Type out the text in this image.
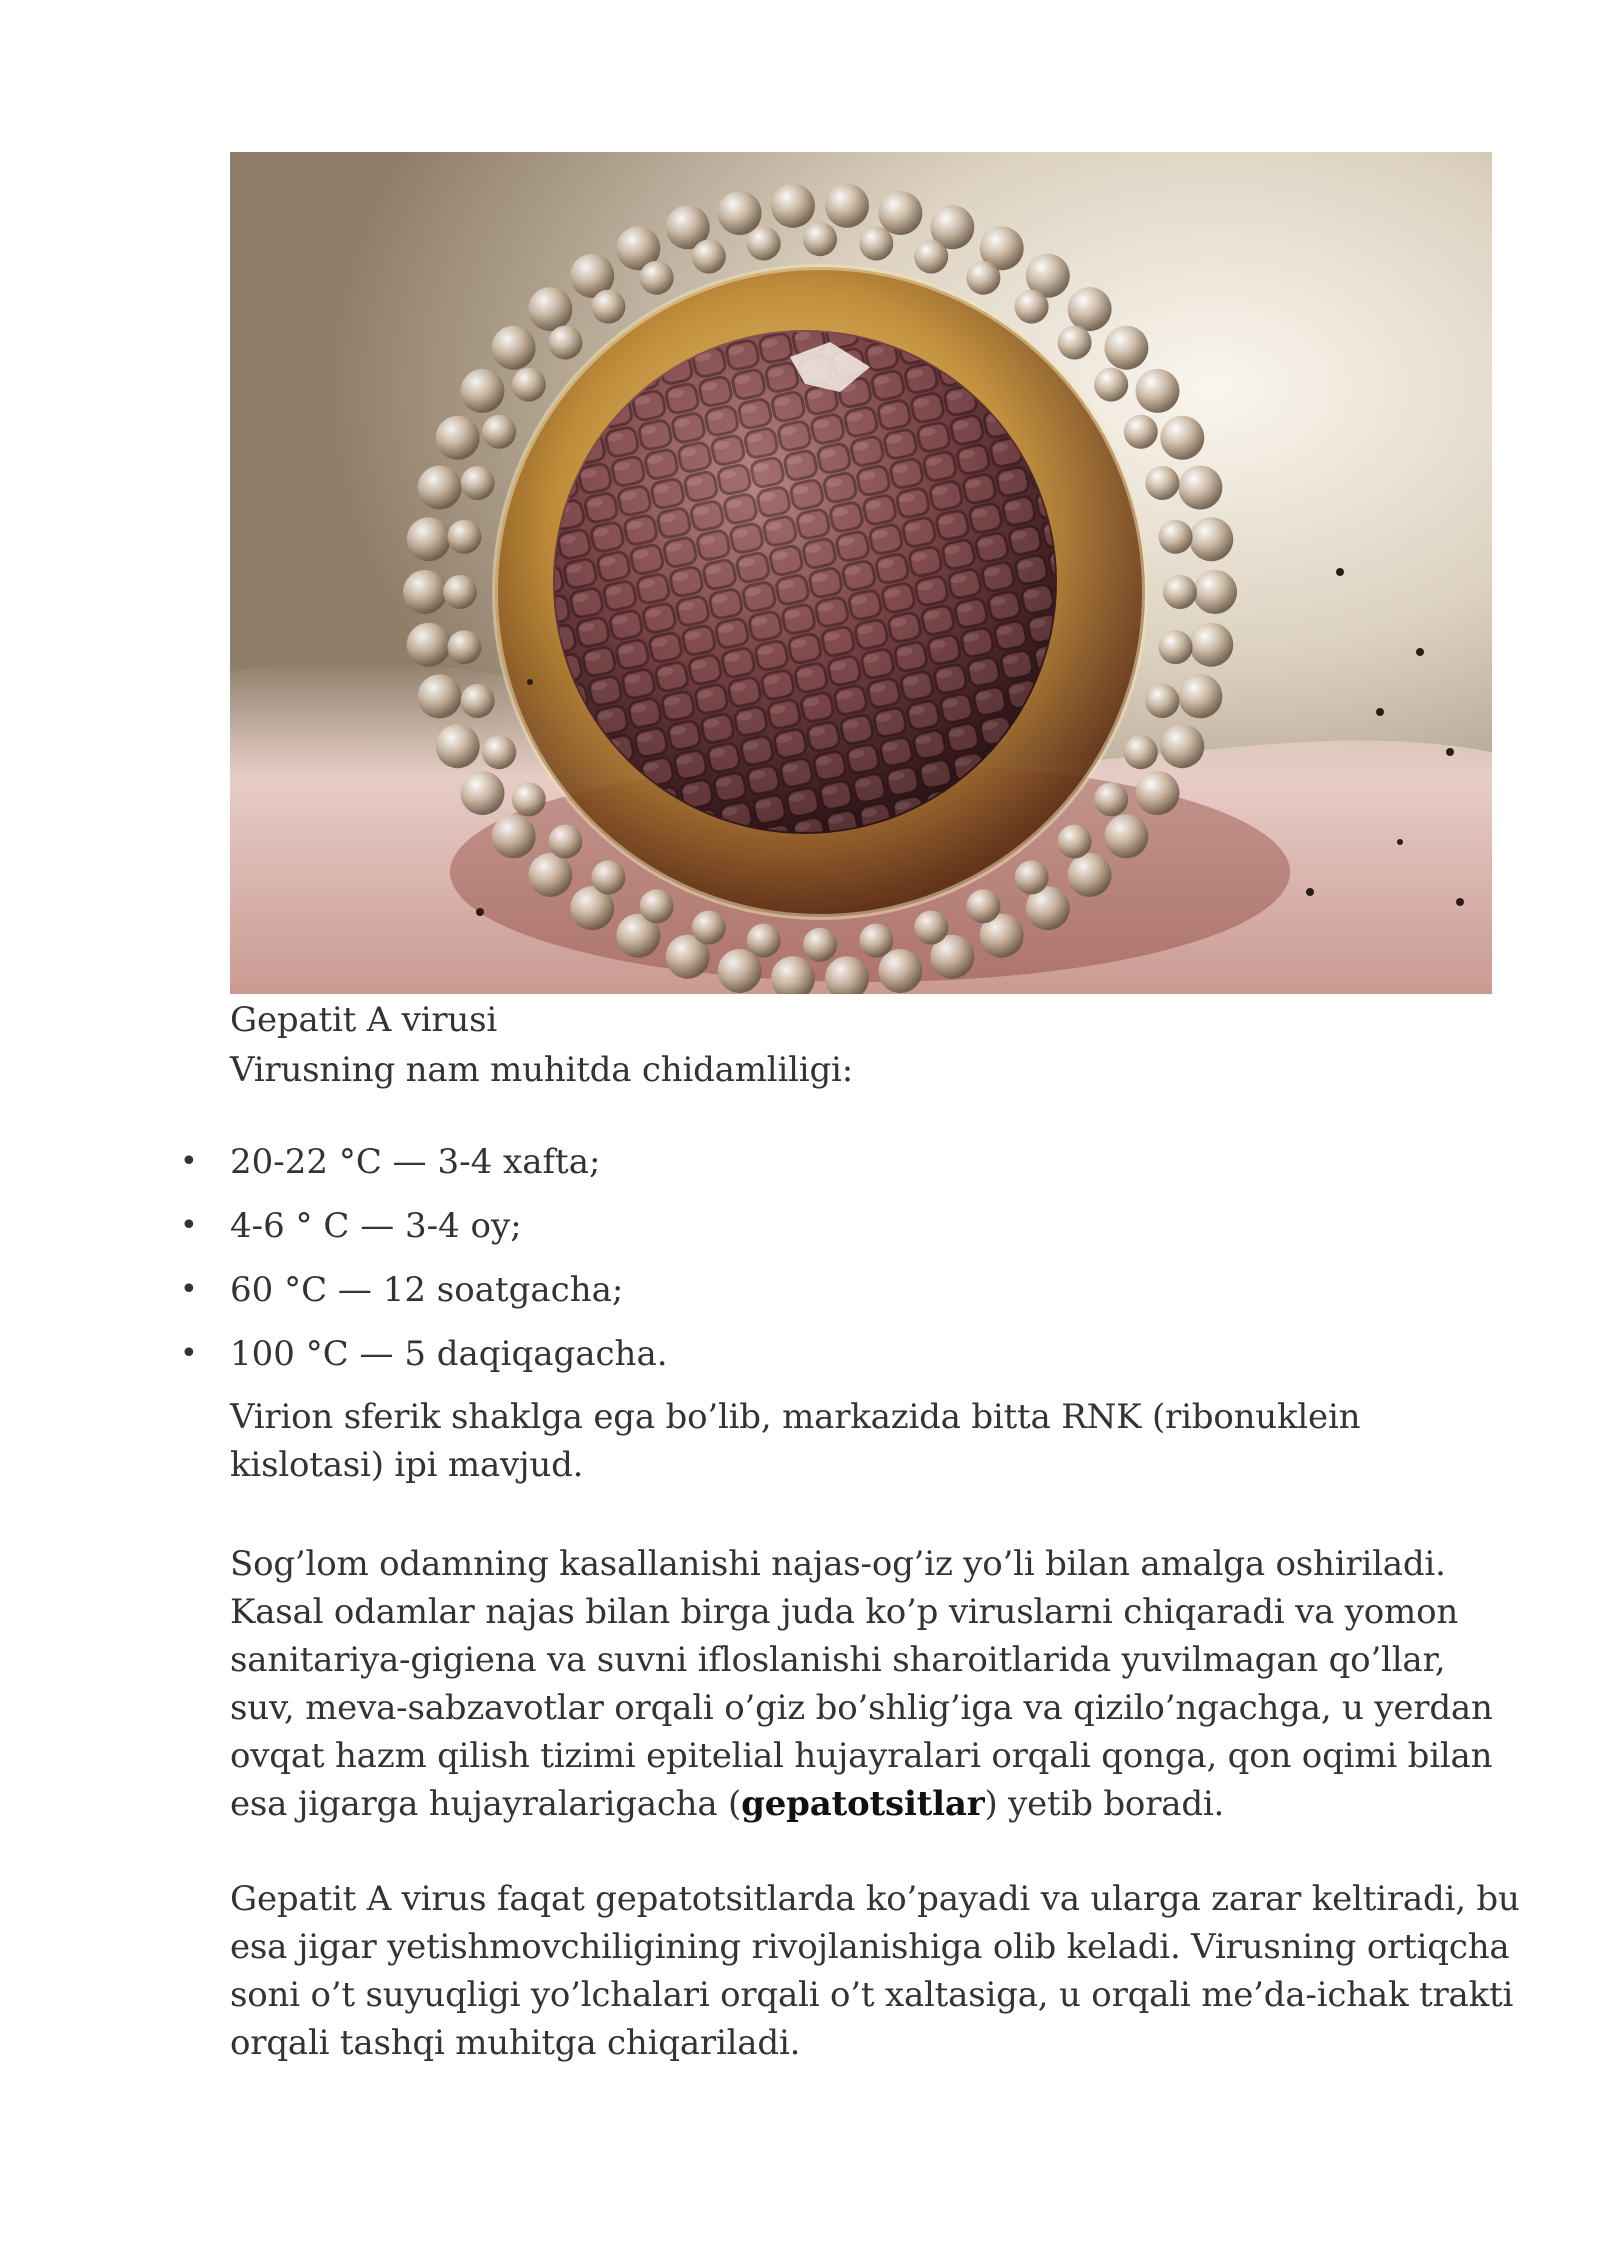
Gepatit A virusi
Virusning nam muhitda chidamliligi:
• 20-22 °C — 3-4 xafta;
• 4-6 ° C — 3-4 oy;
• 60 °C — 12 soatgacha;
• 100 °C — 5 daqiqagacha.

Virion sferik shaklga ega bo’lib, markazida bitta RNK (ribonuklein kislotasi) ipi mavjud.

Sog’lom odamning kasallanishi najas-og’iz yo’li bilan amalga oshiriladi. Kasal odamlar najas bilan birga juda ko’p viruslarni chiqaradi va yomon sanitariya-gigiena va suvni ifloslanishi sharoitlarida yuvilmagan qo’llar, suv, meva-sabzavotlar orqali o’giz bo’shlig’iga va qizilo’ngachga, u yerdan ovqat hazm qilish tizimi epitelial hujayralari orqali qonga, qon oqimi bilan esa jigarga hujayralarigacha (gepatotsitlar) yetib boradi.

Gepatit A virus faqat gepatotsitlarda ko’payadi va ularga zarar keltiradi, bu esa jigar yetishmovchiligining rivojlanishiga olib keladi. Virusning ortiqcha soni o’t suyuqligi yo’lchalari orqali o’t xaltasiga, u orqali me’da-ichak trakti orqali tashqi muhitga chiqariladi.
